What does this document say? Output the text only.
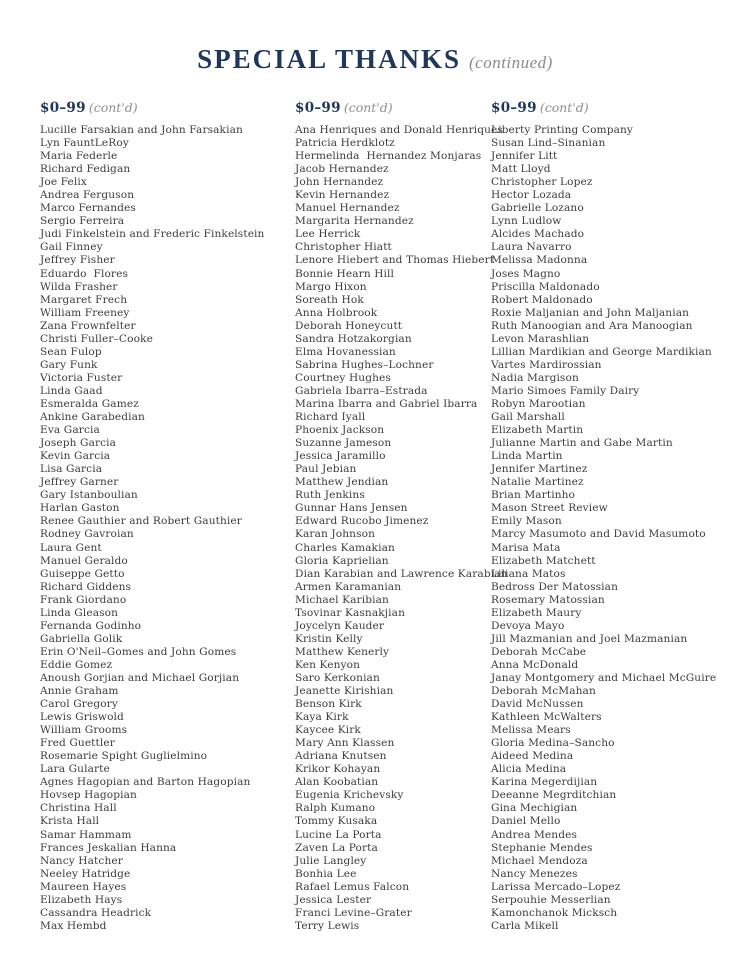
SPECIAL THANKS (continued)
$0–99 (cont'd)
Lucille Farsakian and John Farsakian
Lyn FauntLeRoy
Maria Federle
Richard Fedigan
Joe Felix
Andrea Ferguson
Marco Fernandes
Sergio Ferreira
Judi Finkelstein and Frederic Finkelstein
Gail Finney
Jeffrey Fisher
Eduardo  Flores
Wilda Frasher
Margaret Frech
William Freeney
Zana Frownfelter
Christi Fuller–Cooke
Sean Fulop
Gary Funk
Victoria Fuster
Linda Gaad
Esmeralda Gamez
Ankine Garabedian
Eva Garcia
Joseph Garcia
Kevin Garcia
Lisa Garcia
Jeffrey Garner
Gary Istanboulian
Harlan Gaston
Renee Gauthier and Robert Gauthier
Rodney Gavroian
Laura Gent
Manuel Geraldo
Guiseppe Getto
Richard Giddens
Frank Giordano
Linda Gleason
Fernanda Godinho
Gabriella Golik
Erin O'Neil–Gomes and John Gomes
Eddie Gomez
Anoush Gorjian and Michael Gorjian
Annie Graham
Carol Gregory
Lewis Griswold
William Grooms
Fred Guettler
Rosemarie Spight Guglielmino
Lara Gularte
Agnes Hagopian and Barton Hagopian
Hovsep Hagopian
Christina Hall
Krista Hall
Samar Hammam
Frances Jeskalian Hanna
Nancy Hatcher
Neeley Hatridge
Maureen Hayes
Elizabeth Hays
Cassandra Headrick
Max Hembd
$0–99 (cont'd)
Ana Henriques and Donald Henriques
Patricia Herdklotz
Hermelinda  Hernandez Monjaras
Jacob Hernandez
John Hernandez
Kevin Hernandez
Manuel Hernandez
Margarita Hernandez
Lee Herrick
Christopher Hiatt
Lenore Hiebert and Thomas Hiebert
Bonnie Hearn Hill
Margo Hixon
Soreath Hok
Anna Holbrook
Deborah Honeycutt
Sandra Hotzakorgian
Elma Hovanessian
Sabrina Hughes–Lochner
Courtney Hughes
Gabriela Ibarra–Estrada
Marina Ibarra and Gabriel Ibarra
Richard Iyall
Phoenix Jackson
Suzanne Jameson
Jessica Jaramillo
Paul Jebian
Matthew Jendian
Ruth Jenkins
Gunnar Hans Jensen
Edward Rucobo Jimenez
Karan Johnson
Charles Kamakian
Gloria Kaprielian
Dian Karabian and Lawrence Karabian
Armen Karamanian
Michael Karibian
Tsovinar Kasnakjian
Joycelyn Kauder
Kristin Kelly
Matthew Kenerly
Ken Kenyon
Saro Kerkonian
Jeanette Kirishian
Benson Kirk
Kaya Kirk
Kaycee Kirk
Mary Ann Klassen
Adriana Knutsen
Krikor Kohayan
Alan Koobatian
Eugenia Krichevsky
Ralph Kumano
Tommy Kusaka
Lucine La Porta
Zaven La Porta
Julie Langley
Bonhia Lee
Rafael Lemus Falcon
Jessica Lester
Franci Levine–Grater
Terry Lewis
$0–99 (cont'd)
Liberty Printing Company
Susan Lind–Sinanian
Jennifer Litt
Matt Lloyd
Christopher Lopez
Hector Lozada
Gabrielle Lozano
Lynn Ludlow
Alcides Machado
Laura Navarro
Melissa Madonna
Joses Magno
Priscilla Maldonado
Robert Maldonado
Roxie Maljanian and John Maljanian
Ruth Manoogian and Ara Manoogian
Levon Marashlian
Lillian Mardikian and George Mardikian
Vartes Mardirossian
Nadia Margison
Mario Simoes Family Dairy
Robyn Marootian
Gail Marshall
Elizabeth Martin
Julianne Martin and Gabe Martin
Linda Martin
Jennifer Martinez
Natalie Martinez
Brian Martinho
Mason Street Review
Emily Mason
Marcy Masumoto and David Masumoto
Marisa Mata
Elizabeth Matchett
Liliana Matos
Bedross Der Matossian
Rosemary Matossian
Elizabeth Maury
Devoya Mayo
Jill Mazmanian and Joel Mazmanian
Deborah McCabe
Anna McDonald
Janay Montgomery and Michael McGuire
Deborah McMahan
David McNussen
Kathleen McWalters
Melissa Mears
Gloria Medina–Sancho
Aideed Medina
Alicia Medina
Karina Megerdijian
Deeanne Megrditchian
Gina Mechigian
Daniel Mello
Andrea Mendes
Stephanie Mendes
Michael Mendoza
Nancy Menezes
Larissa Mercado–Lopez
Serpouhie Messerlian
Kamonchanok Micksch
Carla Mikell
